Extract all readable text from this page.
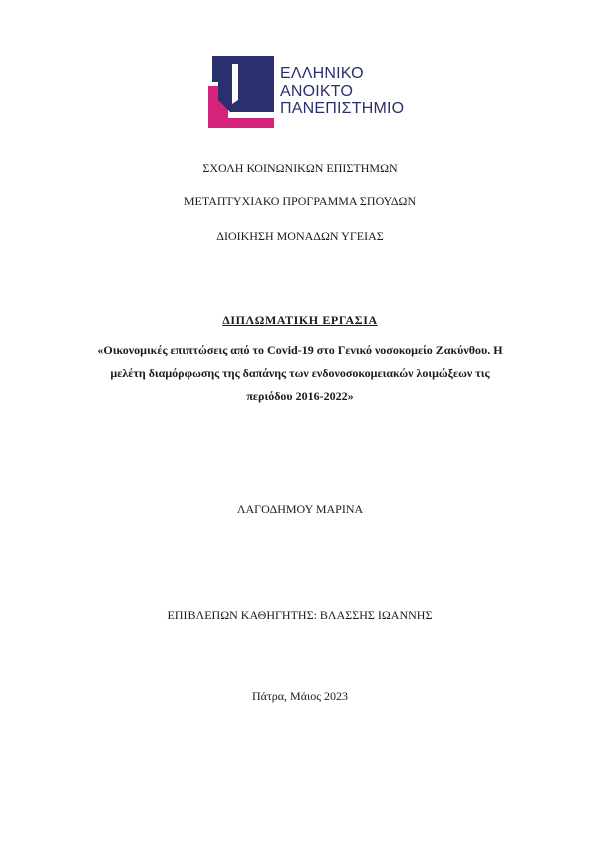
ΕΛΛΗΝΙΚΟ
ΑΝΟΙΚΤΟ
ΠΑΝΕΠΙΣΤΗΜΙΟ
ΣΧΟΛΗ ΚΟΙΝΩΝΙΚΩΝ ΕΠΙΣΤΗΜΩΝ
ΜΕΤΑΠΤΥΧΙΑΚΟ ΠΡΟΓΡΑΜΜΑ ΣΠΟΥΔΩΝ
ΔΙΟΙΚΗΣΗ ΜΟΝΑΔΩΝ ΥΓΕΙΑΣ
ΔΙΠΛΩΜΑΤΙΚΗ ΕΡΓΑΣΙΑ
«Οικονομικές επιπτώσεις από το Covid-19 στο Γενικό νοσοκομείο Ζακύνθου. Η
μελέτη διαμόρφωσης της δαπάνης των ενδονοσοκομειακών λοιμώξεων τις
περιόδου 2016-2022»
ΛΑΓΟΔΗΜΟΥ ΜΑΡΙΝΑ
ΕΠΙΒΛΕΠΩΝ ΚΑΘΗΓΗΤΗΣ: ΒΛΑΣΣΗΣ ΙΩΑΝΝΗΣ
Πάτρα, Μάιος 2023
